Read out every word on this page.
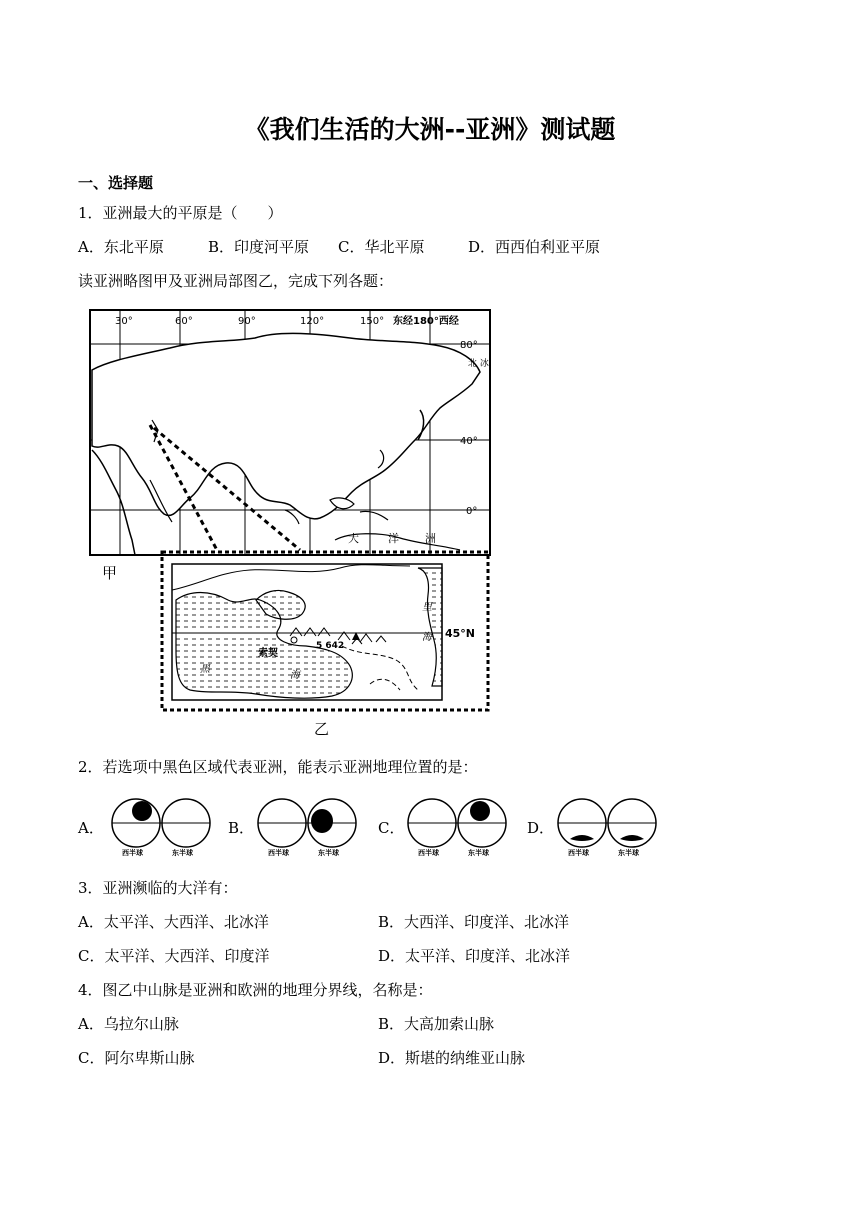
《我们生活的大洲--亚洲》测试题
一、选择题
1．亚洲最大的平原是（　　）
A．东北平原	B．印度河平原 C．华北平原	D．西西伯利亚平原
读亚洲略图甲及亚洲局部图乙，完成下列各题：
30°	60°	90°	120°	150° 东经180°西经
80°
40°
0°
北 冰
大	洋 洲
甲
45°N
5 642
索契
黑
海
里
海
乙
2．若选项中黑色区域代表亚洲，能表示亚洲地理位置的是：
A．	B．	C．	D．
西半球	东半球	西半球	东半球	西半球	东半球	西半球	东半球
3．亚洲濒临的大洋有：
A．太平洋、大西洋、北冰洋	B．大西洋、印度洋、北冰洋
C．太平洋、大西洋、印度洋	D．太平洋、印度洋、北冰洋
4．图乙中山脉是亚洲和欧洲的地理分界线，名称是：
A．乌拉尔山脉	B．大高加索山脉
C．阿尔卑斯山脉	D．斯堪的纳维亚山脉
